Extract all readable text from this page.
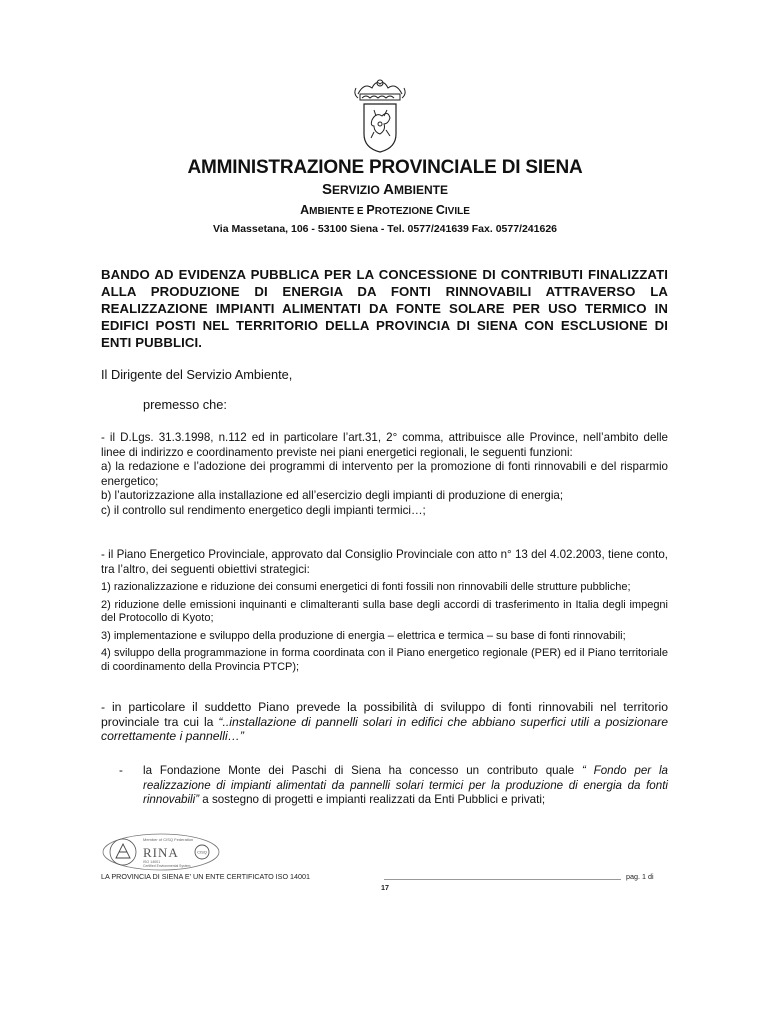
AMMINISTRAZIONE PROVINCIALE DI SIENA
SERVIZIO AMBIENTE
AMBIENTE E PROTEZIONE CIVILE
Via Massetana, 106 - 53100 Siena - Tel. 0577/241639 Fax. 0577/241626
BANDO AD EVIDENZA PUBBLICA PER LA CONCESSIONE DI CONTRIBUTI FINALIZZATI ALLA PRODUZIONE DI ENERGIA DA FONTI RINNOVABILI ATTRAVERSO LA REALIZZAZIONE IMPIANTI ALIMENTATI DA FONTE SOLARE PER USO TERMICO IN EDIFICI POSTI NEL TERRITORIO DELLA PROVINCIA DI SIENA CON ESCLUSIONE DI ENTI PUBBLICI.
Il Dirigente del Servizio Ambiente,
premesso che:

- il D.Lgs. 31.3.1998, n.112 ed in particolare l’art.31, 2° comma, attribuisce alle Province, nell’ambito delle linee di indirizzo e coordinamento previste nei piani energetici regionali, le seguenti funzioni:

a) la redazione e l’adozione dei programmi di intervento per la promozione di fonti rinnovabili e del risparmio energetico;

b) l’autorizzazione alla installazione ed all’esercizio degli impianti di produzione di energia;

c) il controllo sul rendimento energetico degli impianti termici…;

- il Piano Energetico Provinciale, approvato dal Consiglio Provinciale con atto n° 13 del 4.02.2003, tiene conto, tra l’altro, dei seguenti obiettivi strategici:

1) razionalizzazione e riduzione dei consumi energetici di fonti fossili non rinnovabili delle strutture pubbliche;

2) riduzione delle emissioni inquinanti e climalteranti sulla base degli accordi di trasferimento in Italia degli impegni del Protocollo di Kyoto;

3) implementazione e sviluppo della produzione di energia – elettrica e termica – su base di fonti rinnovabili;

4) sviluppo della programmazione in forma coordinata con il Piano energetico regionale (PER) ed il Piano territoriale di coordinamento della Provincia PTCP);

- in particolare il suddetto Piano prevede la possibilità di sviluppo di fonti rinnovabili nel territorio provinciale tra cui la “..installazione di pannelli solari in edifici che abbiano superfici utili a posizionare correttamente i pannelli…”
- la Fondazione Monte dei Paschi di Siena ha concesso un contributo quale “ Fondo per la realizzazione di impianti alimentati da pannelli solari termici per la produzione di energia da fonti rinnovabili” a sostegno di progetti e impianti realizzati da Enti Pubblici e privati;
Member of CISQ Federation
RINA
ISO 14001
Certified Environmental System
CISQ
LA PROVINCIA DI SIENA E’ UN ENTE CERTIFICATO ISO 14001	pag. 1 di
17
